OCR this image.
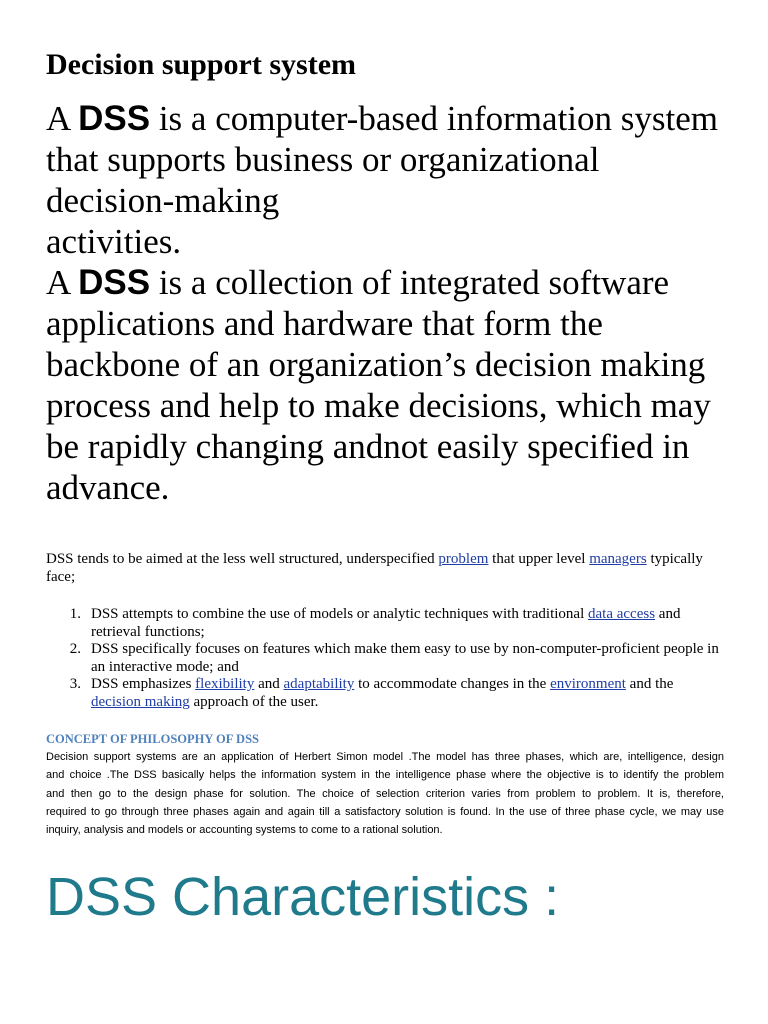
Decision support system
A DSS is a computer-based information system
that supports business or organizational
decision-making
activities.
A DSS is a collection of integrated software
applications and hardware that form the
backbone of an organization’s decision making
process and help to make decisions, which may
be rapidly changing andnot easily specified in
advance.
DSS tends to be aimed at the less well structured, underspecified problem that upper level managers typically
face;
1. DSS attempts to combine the use of models or analytic techniques with traditional data access and
retrieval functions;
2. DSS specifically focuses on features which make them easy to use by non-computer-proficient people in
an interactive mode; and
3. DSS emphasizes flexibility and adaptability to accommodate changes in the environment and the
decision making approach of the user.
CONCEPT OF PHILOSOPHY OF DSS
Decision support systems are an application of Herbert Simon model .The model has three phases, which are, intelligence, design
and choice .The DSS basically helps the information system in the intelligence phase where the objective is to identify the problem
and then go to the design phase for solution. The choice of selection criterion varies from problem to problem. It is, therefore,
required to go through three phases again and again till a satisfactory solution is found. In the use of three phase cycle, we may use
inquiry, analysis and models or accounting systems to come to a rational solution.
DSS Characteristics :
